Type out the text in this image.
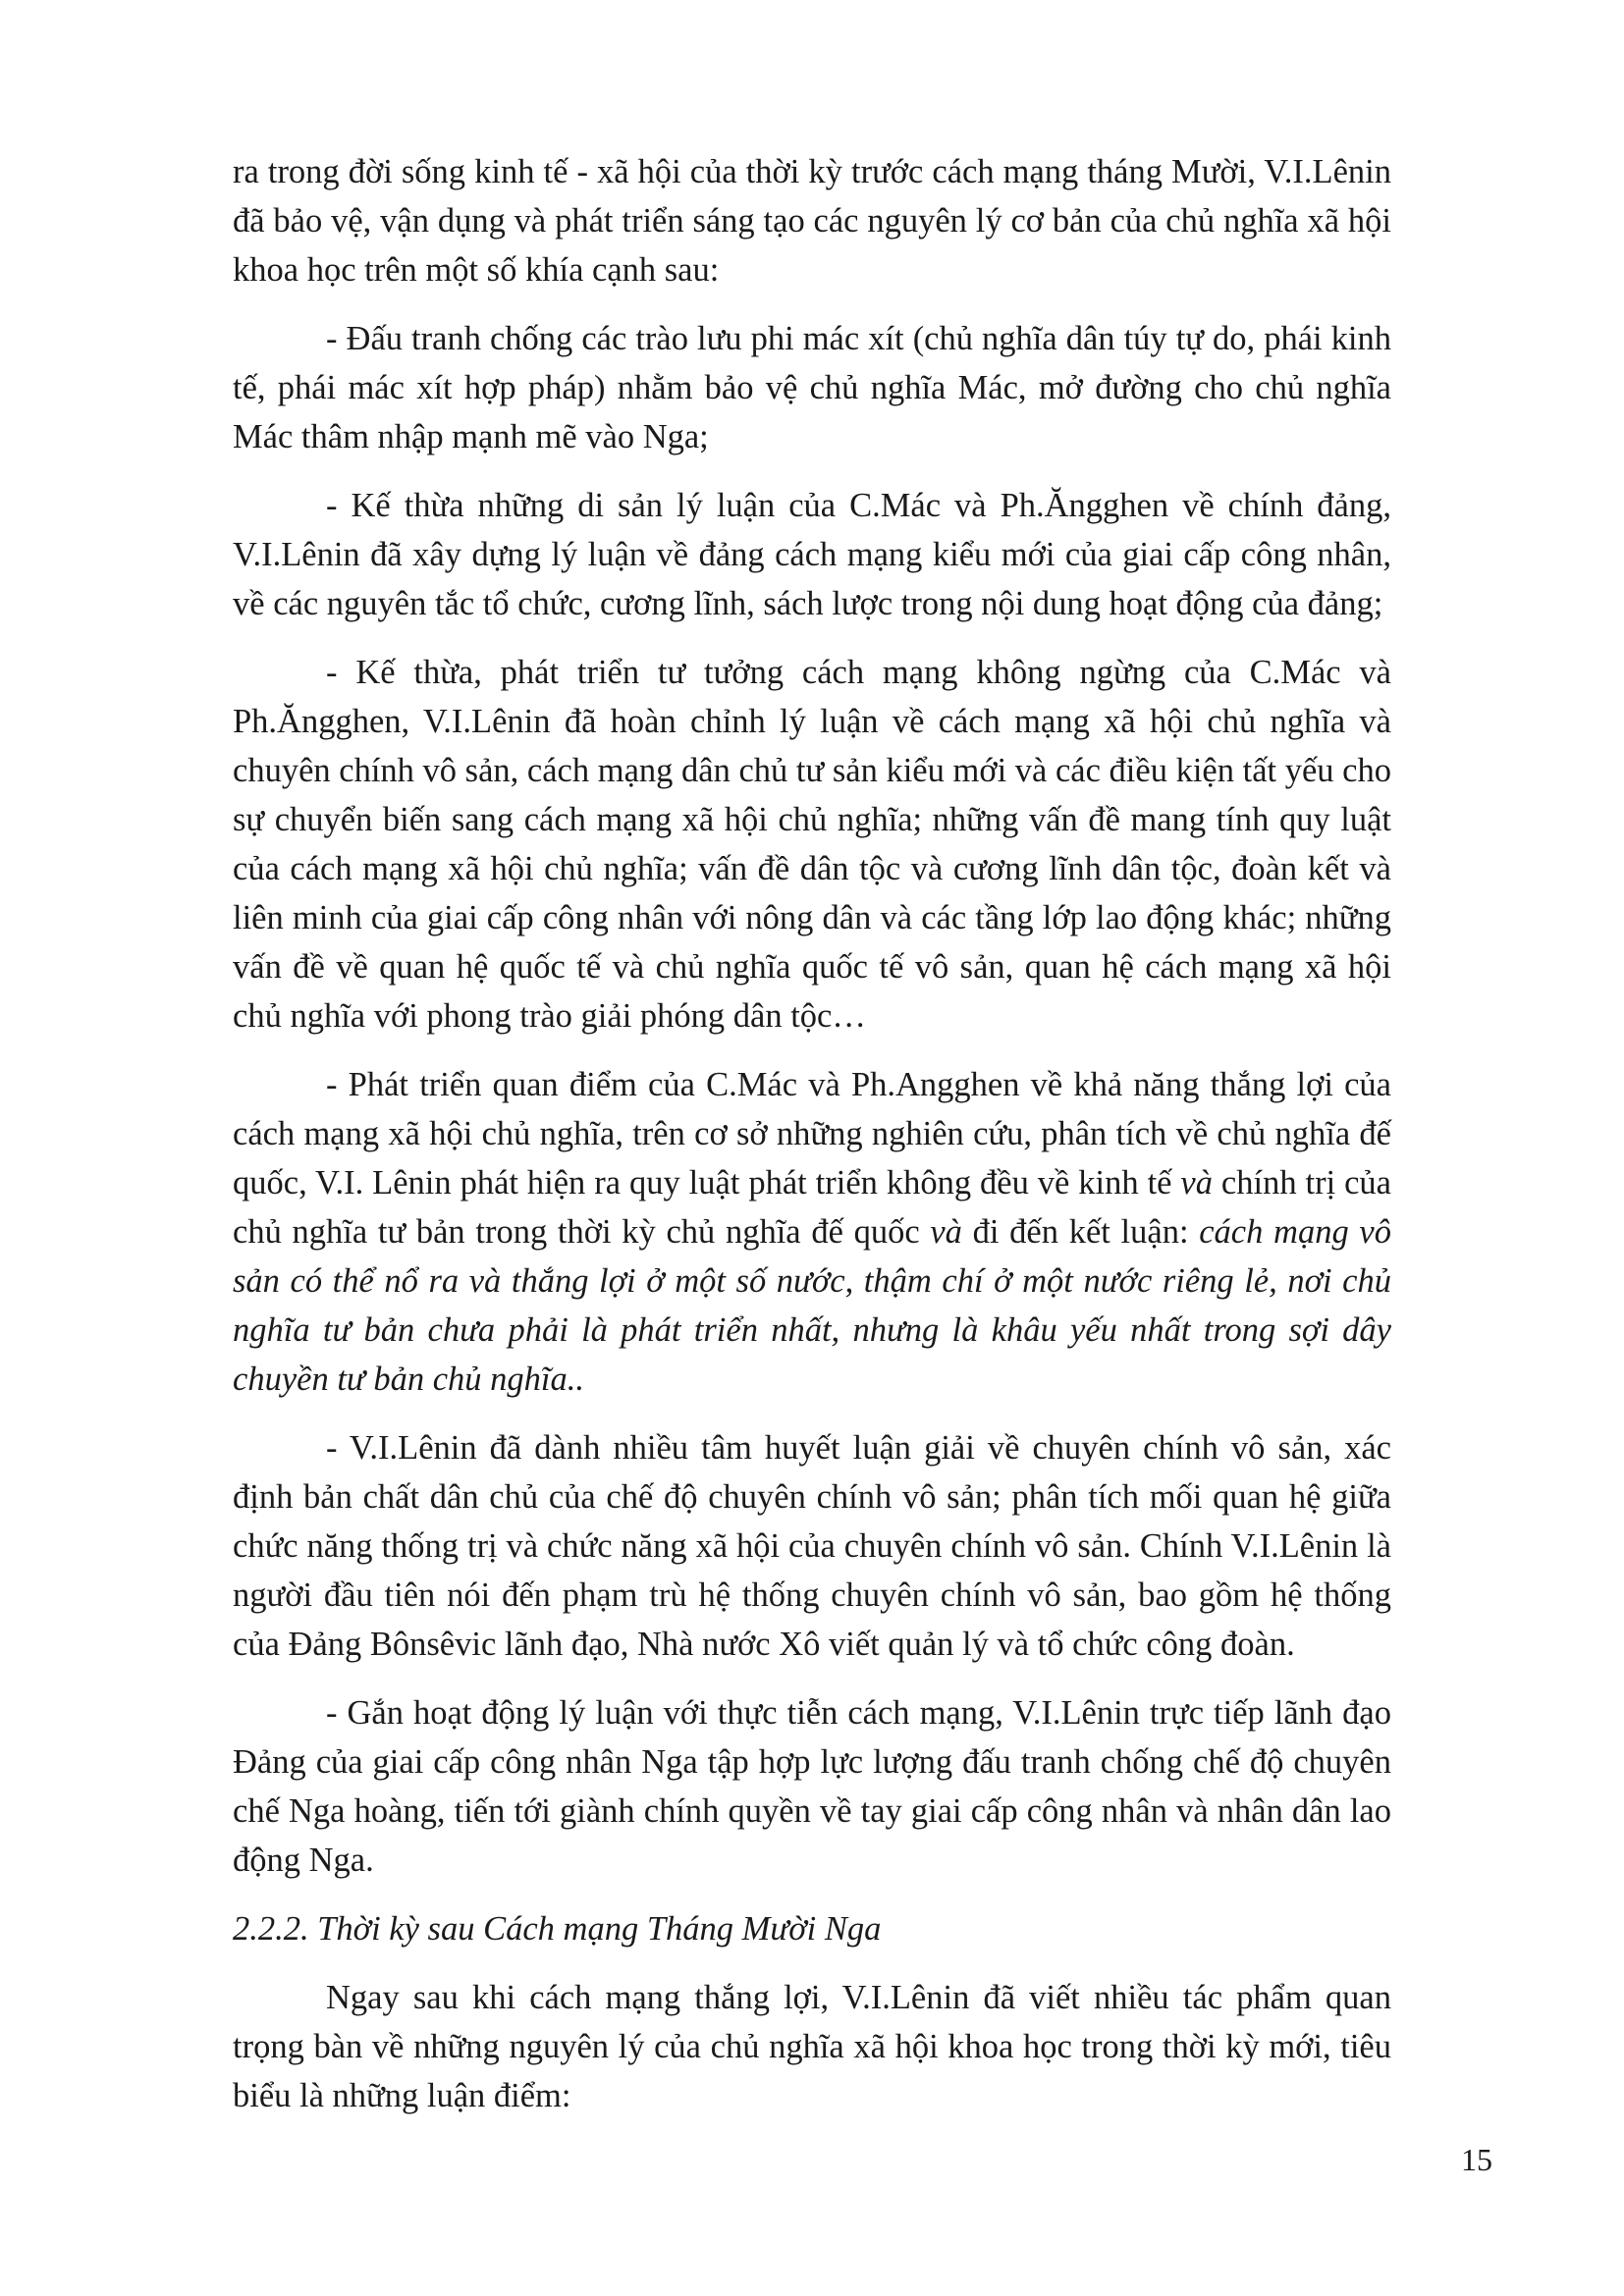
ra trong đời sống kinh tế - xã hội của thời kỳ trước cách mạng tháng Mười, V.I.Lênin đã bảo vệ, vận dụng và phát triển sáng tạo các nguyên lý cơ bản của chủ nghĩa xã hội khoa học trên một số khía cạnh sau:

- Đấu tranh chống các trào lưu phi mác xít (chủ nghĩa dân túy tự do, phái kinh tế, phái mác xít hợp pháp) nhằm bảo vệ chủ nghĩa Mác, mở đường cho chủ nghĩa Mác thâm nhập mạnh mẽ vào Nga;

- Kế thừa những di sản lý luận của C.Mác và Ph.Ăngghen về chính đảng, V.I.Lênin đã xây dựng lý luận về đảng cách mạng kiểu mới của giai cấp công nhân, về các nguyên tắc tổ chức, cương lĩnh, sách lược trong nội dung hoạt động của đảng;

- Kế thừa, phát triển tư tưởng cách mạng không ngừng của C.Mác và Ph.Ăngghen, V.I.Lênin đã hoàn chỉnh lý luận về cách mạng xã hội chủ nghĩa và chuyên chính vô sản, cách mạng dân chủ tư sản kiểu mới và các điều kiện tất yếu cho sự chuyển biến sang cách mạng xã hội chủ nghĩa; những vấn đề mang tính quy luật của cách mạng xã hội chủ nghĩa; vấn đề dân tộc và cương lĩnh dân tộc, đoàn kết và liên minh của giai cấp công nhân với nông dân và các tầng lớp lao động khác; những vấn đề về quan hệ quốc tế và chủ nghĩa quốc tế vô sản, quan hệ cách mạng xã hội chủ nghĩa với phong trào giải phóng dân tộc…

- Phát triển quan điểm của C.Mác và Ph.Angghen về khả năng thắng lợi của cách mạng xã hội chủ nghĩa, trên cơ sở những nghiên cứu, phân tích về chủ nghĩa đế quốc, V.I. Lênin phát hiện ra quy luật phát triển không đều về kinh tế và chính trị của chủ nghĩa tư bản trong thời kỳ chủ nghĩa đế quốc và đi đến kết luận: cách mạng vô sản có thể nổ ra và thắng lợi ở một số nước, thậm chí ở một nước riêng lẻ, nơi chủ nghĩa tư bản chưa phải là phát triển nhất, nhưng là khâu yếu nhất trong sợi dây chuyền tư bản chủ nghĩa..

- V.I.Lênin đã dành nhiều tâm huyết luận giải về chuyên chính vô sản, xác định bản chất dân chủ của chế độ chuyên chính vô sản; phân tích mối quan hệ giữa chức năng thống trị và chức năng xã hội của chuyên chính vô sản. Chính V.I.Lênin là người đầu tiên nói đến phạm trù hệ thống chuyên chính vô sản, bao gồm hệ thống của Đảng Bônsêvic lãnh đạo, Nhà nước Xô viết quản lý và tổ chức công đoàn.

- Gắn hoạt động lý luận với thực tiễn cách mạng, V.I.Lênin trực tiếp lãnh đạo Đảng của giai cấp công nhân Nga tập hợp lực lượng đấu tranh chống chế độ chuyên chế Nga hoàng, tiến tới giành chính quyền về tay giai cấp công nhân và nhân dân lao động Nga.

2.2.2. Thời kỳ sau Cách mạng Tháng Mười Nga

Ngay sau khi cách mạng thắng lợi, V.I.Lênin đã viết nhiều tác phẩm quan trọng bàn về những nguyên lý của chủ nghĩa xã hội khoa học trong thời kỳ mới, tiêu biểu là những luận điểm:

15
